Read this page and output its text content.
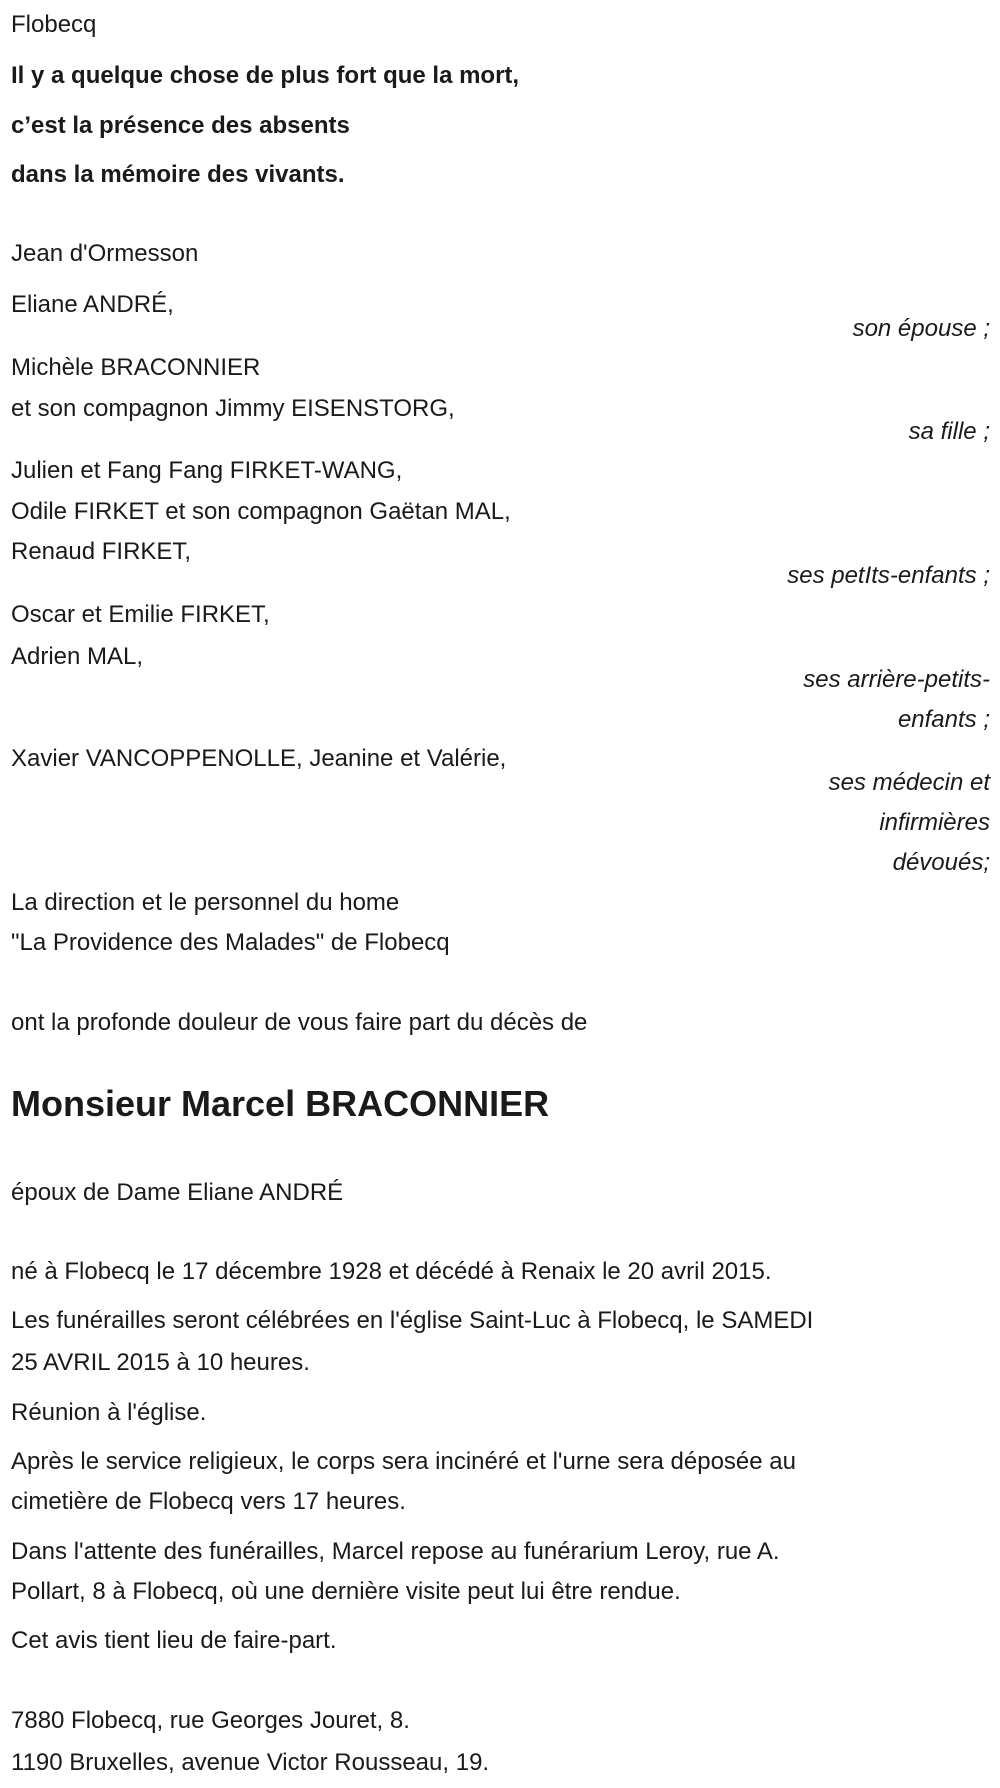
Flobecq
Il y a quelque chose de plus fort que la mort,
c’est la présence des absents
dans la mémoire des vivants.
Jean d'Ormesson
Eliane ANDRÉ,
son épouse ;
Michèle BRACONNIER
et son compagnon Jimmy EISENSTORG,
sa fille ;
Julien et Fang Fang FIRKET-WANG,
Odile FIRKET et son compagnon Gaëtan MAL,
Renaud FIRKET,
ses petIts-enfants ;
Oscar et Emilie FIRKET,
Adrien MAL,
ses arrière-petits-
enfants ;
Xavier VANCOPPENOLLE, Jeanine et Valérie,
ses médecin et
infirmières
dévoués;
La direction et le personnel du home
"La Providence des Malades" de Flobecq
ont la profonde douleur de vous faire part du décès de
Monsieur Marcel BRACONNIER
époux de Dame Eliane ANDRÉ
né à Flobecq le 17 décembre 1928 et décédé à Renaix le 20 avril 2015.
Les funérailles seront célébrées en l'église Saint-Luc à Flobecq, le SAMEDI
25 AVRIL 2015 à 10 heures.
Réunion à l'église.
Après le service religieux, le corps sera incinéré et l'urne sera déposée au
cimetière de Flobecq vers 17 heures.
Dans l'attente des funérailles, Marcel repose au funérarium Leroy, rue A.
Pollart, 8 à Flobecq, où une dernière visite peut lui être rendue.
Cet avis tient lieu de faire-part.
7880 Flobecq, rue Georges Jouret, 8.
1190 Bruxelles, avenue Victor Rousseau, 19.
